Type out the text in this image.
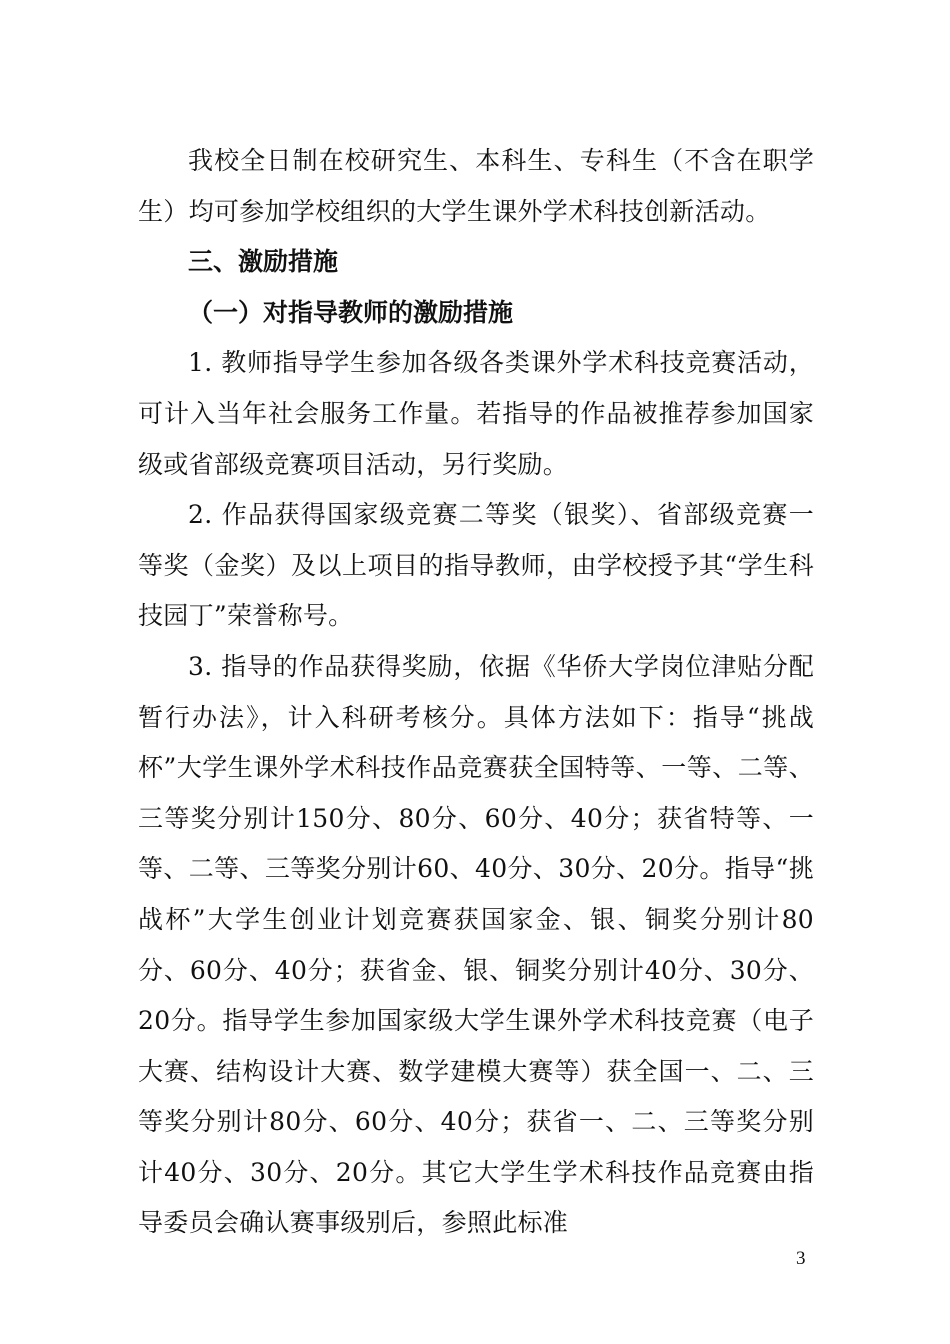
我校全日制在校研究生、本科生、专科生（不含在职学生）均可参加学校组织的大学生课外学术科技创新活动。

三、激励措施

（一）对指导教师的激励措施

1. 教师指导学生参加各级各类课外学术科技竞赛活动，可计入当年社会服务工作量。若指导的作品被推荐参加国家级或省部级竞赛项目活动，另行奖励。

2. 作品获得国家级竞赛二等奖（银奖）、省部级竞赛一等奖（金奖）及以上项目的指导教师，由学校授予其“学生科技园丁”荣誉称号。

3. 指导的作品获得奖励，依据《华侨大学岗位津贴分配暂行办法》，计入科研考核分。具体方法如下：指导“挑战杯”大学生课外学术科技作品竞赛获全国特等、一等、二等、三等奖分别计150分、80分、60分、40分；获省特等、一等、二等、三等奖分别计60、40分、30分、20分。指导“挑战杯”大学生创业计划竞赛获国家金、银、铜奖分别计80分、60分、40分；获省金、银、铜奖分别计40分、30分、20分。指导学生参加国家级大学生课外学术科技竞赛（电子大赛、结构设计大赛、数学建模大赛等）获全国一、二、三等奖分别计80分、60分、40分；获省一、二、三等奖分别计40分、30分、20分。其它大学生学术科技作品竞赛由指导委员会确认赛事级别后，参照此标准

3
